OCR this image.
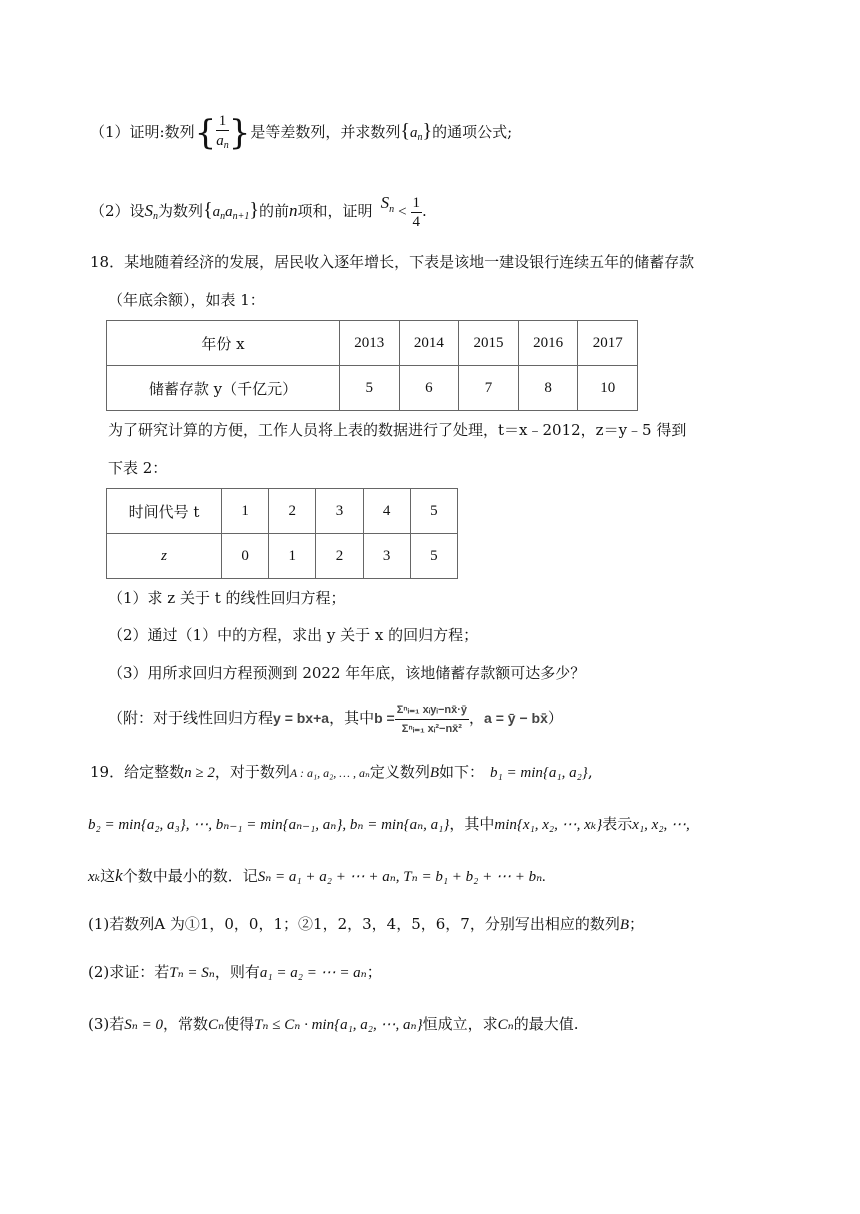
（1）证明:数列{ $\frac{1}{a_n}$ }是等差数列，并求数列$\{a_n\}$的通项公式;
（2）设$S_n$为数列$\{a_na_{n+1}\}$的前n项和，证明 $S^n < \frac{1}{4}$ .
18．某地随着经济的发展，居民收入逐年增长，下表是该地一建设银行连续五年的储蓄存款
（年底余额），如表 1：
年份 x	2013	2014	2015	2016	2017
储蓄存款 y（千亿元）	5	6	7	8	10
为了研究计算的方便，工作人员将上表的数据进行了处理，t＝x﹣2012，z＝y﹣5 得到
下表 2：
时间代号 t	1	2	3	4	5
z	0	1	2	3	5
（1）求 z 关于 t 的线性回归方程；
（2）通过（1）中的方程，求出 y 关于 x 的回归方程；
（3）用所求回归方程预测到 2022 年年底，该地储蓄存款额可达多少？
（附：对于线性回归方程y = bx+a，其中$b = \frac{\text{Σⁿᵢ₌₁ xᵢyᵢ−nx̄·ȳ}}{\text{Σⁿᵢ₌₁ xᵢ²−nx̄²}}$ ，a = ȳ − bx̄）
19．给定整数n ≥ 2，对于数列A : a₁, a₂, … , aₙ定义数列B如下： b₁ = min{a₁, a₂},
b₂ = min{a₂, a₃}, ⋯, bₙ₋₁ = min{aₙ₋₁, aₙ}, bₙ = min{aₙ, a₁}，其中min{x₁, x₂, ⋯, xₖ}表示x₁, x₂, ⋯,
xₖ这k个数中最小的数．记Sₙ = a₁ + a₂ + ⋯ + aₙ, Tₙ = b₁ + b₂ + ⋯ + bₙ.
(1)若数列A 为①1，0，0，1；②1，2，3，4，5，6，7，分别写出相应的数列B；
(2)求证：若Tₙ = Sₙ，则有a₁ = a₂ = ⋯ = aₙ；
(3)若Sₙ = 0，常数Cₙ使得Tₙ ≤ Cₙ · min{a₁, a₂, ⋯, aₙ}恒成立，求Cₙ的最大值.
